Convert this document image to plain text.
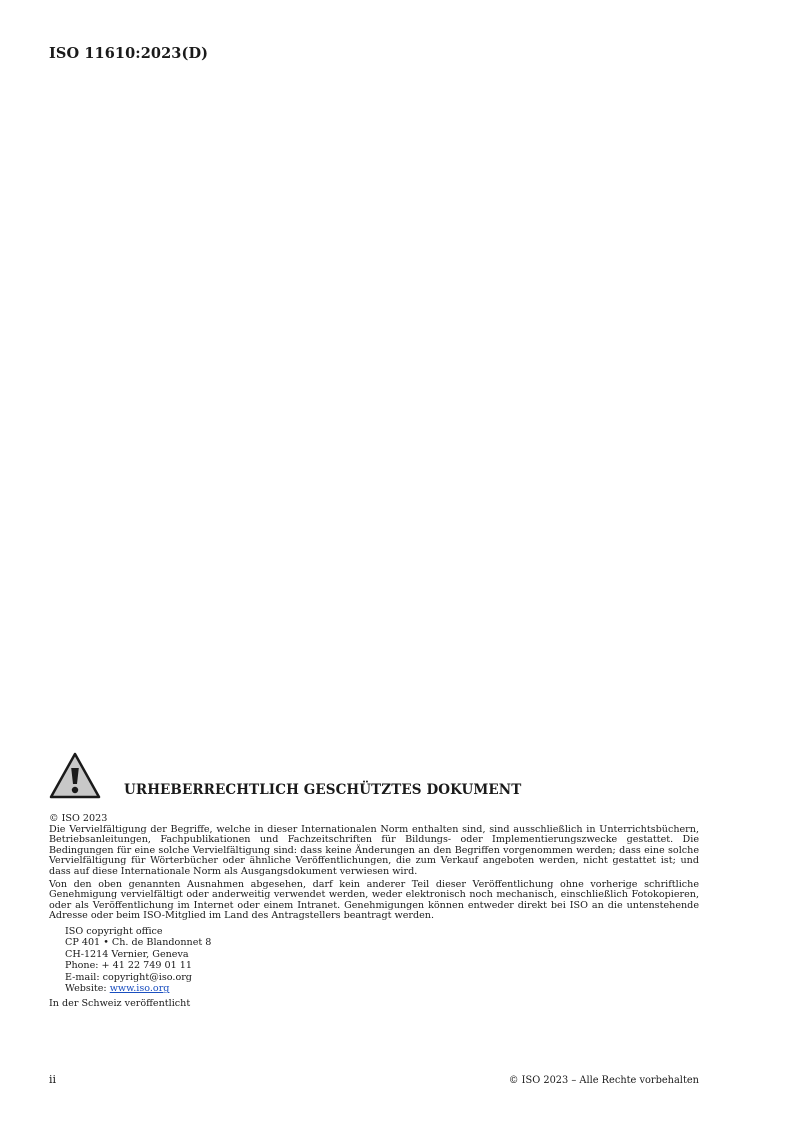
ISO 11610:2023(D)
URHEBERRECHTLICH GESCHÜTZTES DOKUMENT
© ISO 2023

Die Vervielfältigung der Begriffe, welche in dieser Internationalen Norm enthalten sind, sind ausschließlich in Unterrichtsbüchern, Betriebsanleitungen, Fachpublikationen und Fachzeitschriften für Bildungs- oder Implementierungszwecke gestattet. Die Bedingungen für eine solche Vervielfältigung sind: dass keine Änderungen an den Begriffen vorgenommen werden; dass eine solche Vervielfältigung für Wörterbücher oder ähnliche Veröffentlichungen, die zum Verkauf angeboten werden, nicht gestattet ist; und dass auf diese Internationale Norm als Ausgangsdokument verwiesen wird.

Von den oben genannten Ausnahmen abgesehen, darf kein anderer Teil dieser Veröffentlichung ohne vorherige schriftliche Genehmigung vervielfältigt oder anderweitig verwendet werden, weder elektronisch noch mechanisch, einschließlich Fotokopieren, oder als Veröffentlichung im Internet oder einem Intranet. Genehmigungen können entweder direkt bei ISO an die untenstehende Adresse oder beim ISO-Mitglied im Land des Antragstellers beantragt werden.

ISO copyright office
CP 401 • Ch. de Blandonnet 8
CH-1214 Vernier, Geneva
Phone: + 41 22 749 01 11
E-mail: copyright@iso.org
Website: www.iso.org
In der Schweiz veröffentlicht
ii	© ISO 2023 – Alle Rechte vorbehalten
